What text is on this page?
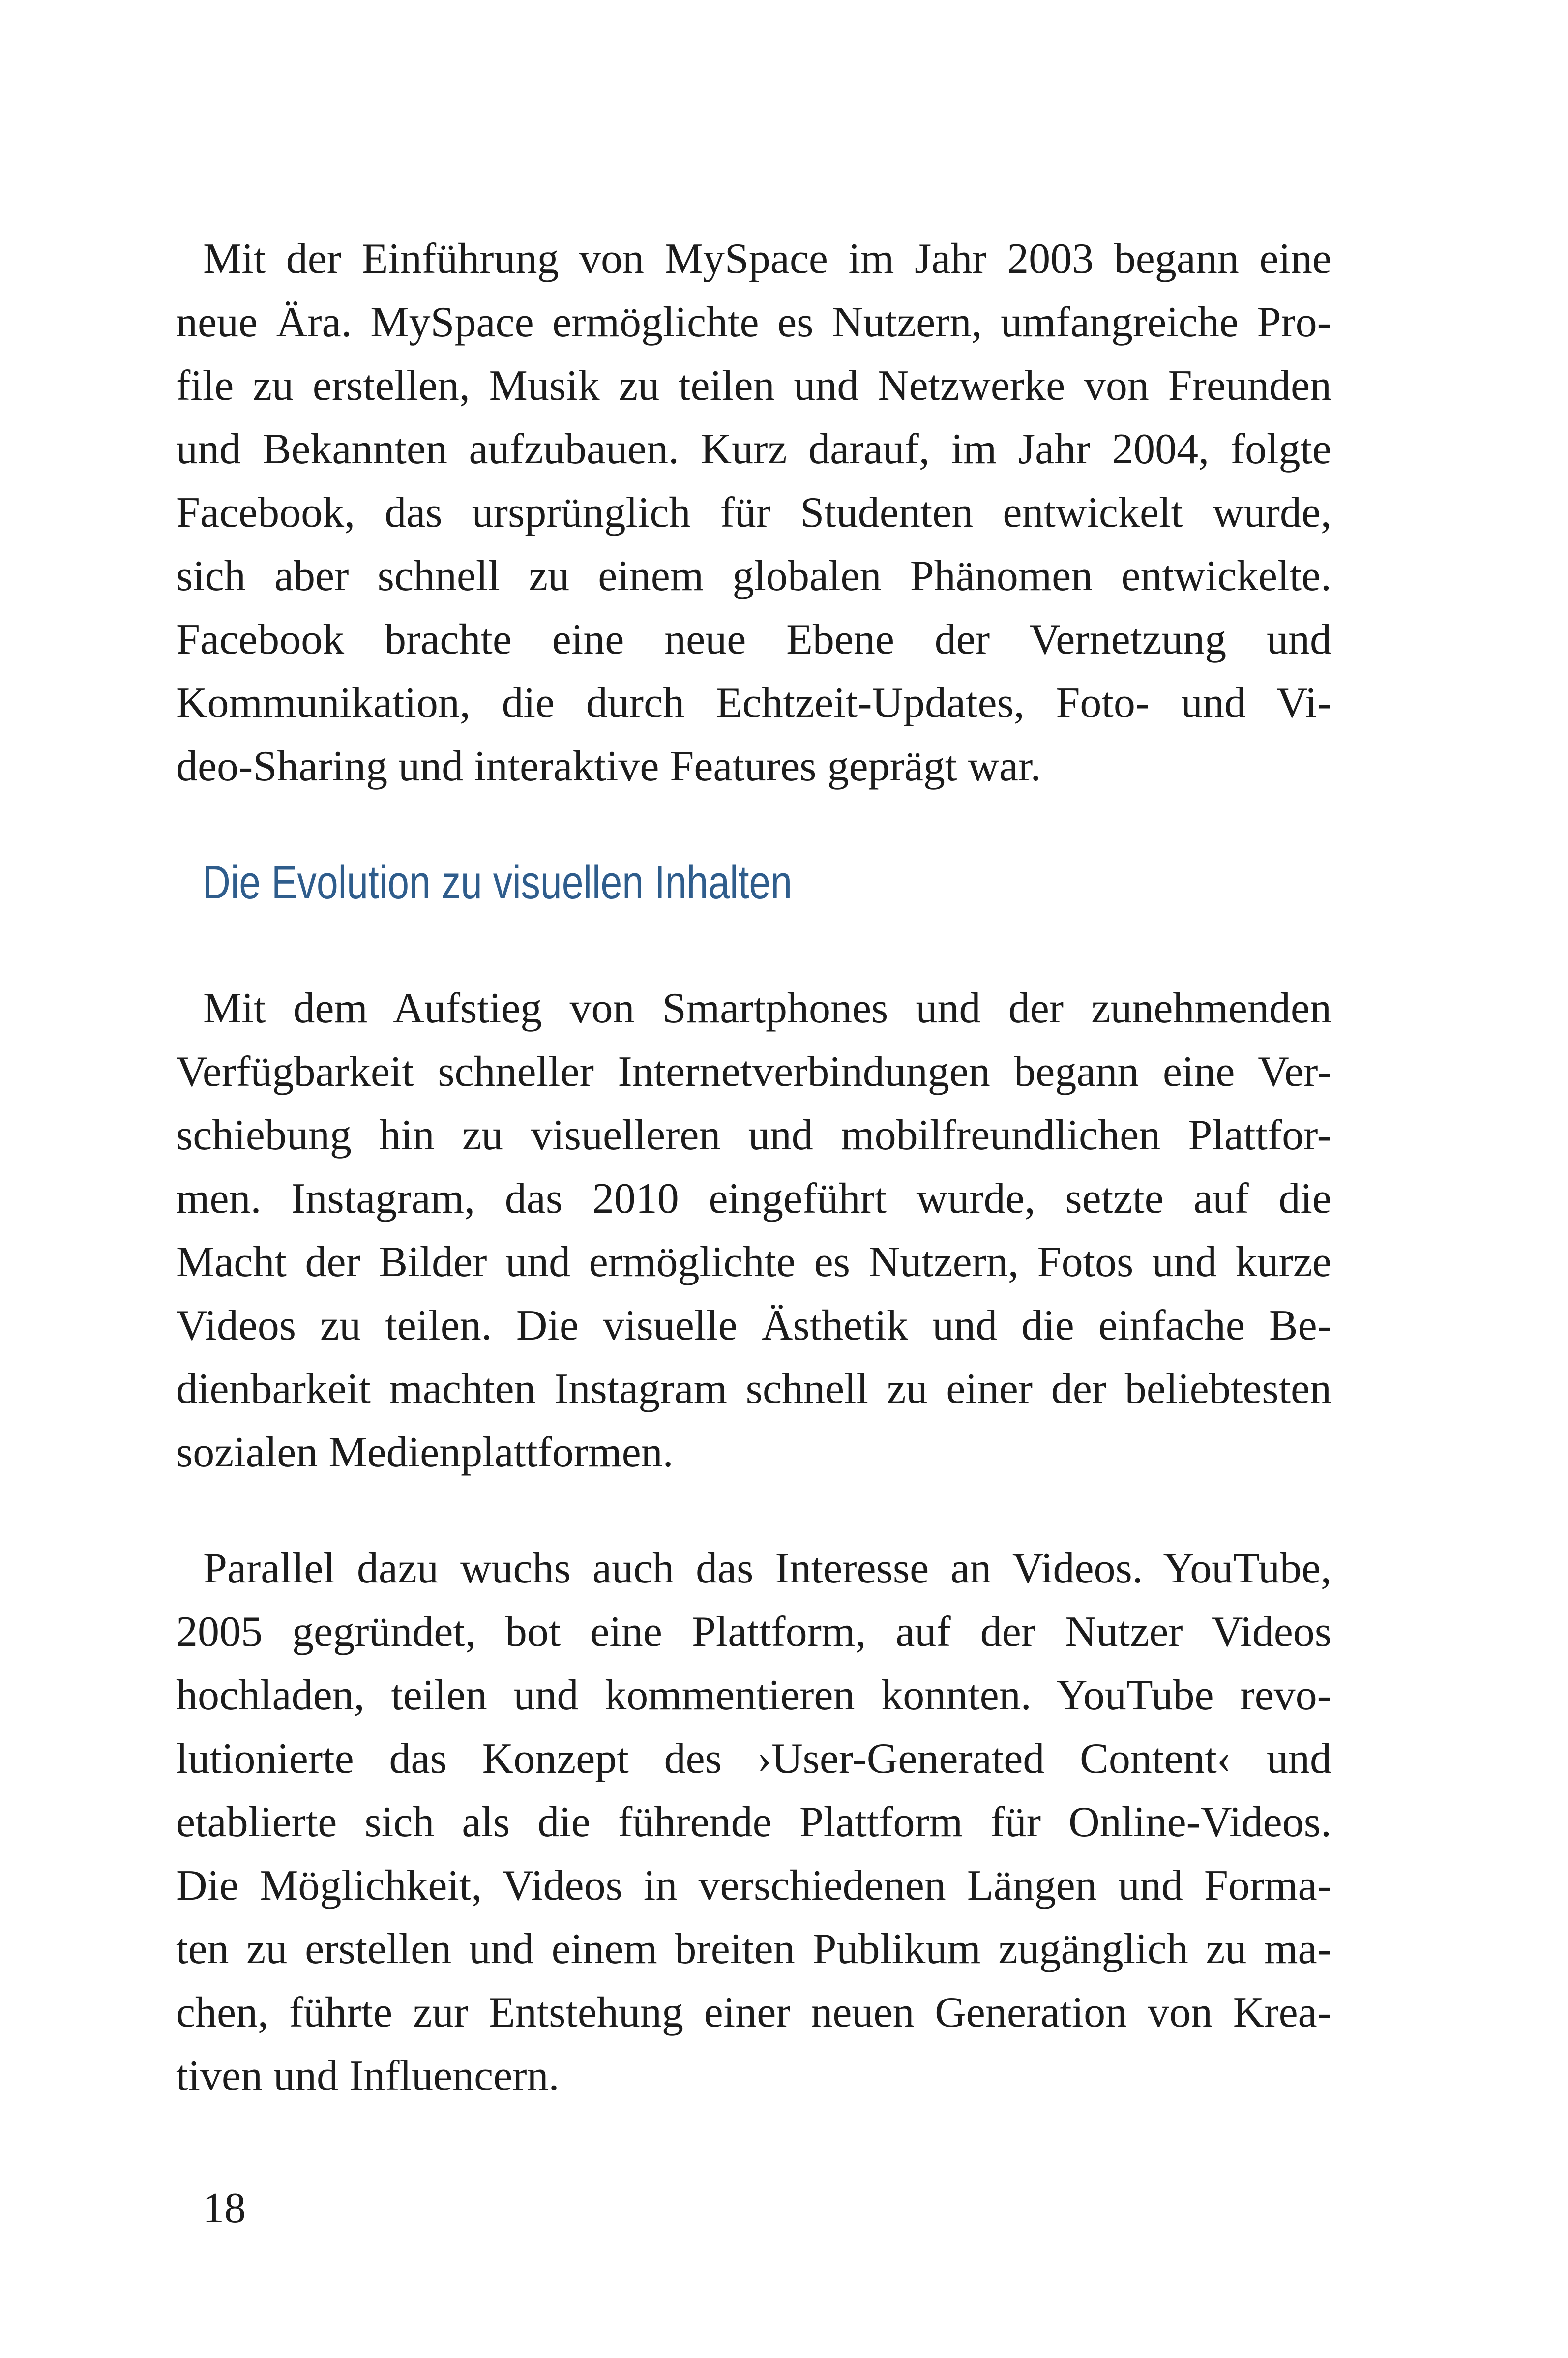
Mit der Einführung von MySpace im Jahr 2003 begann eine
neue Ära. MySpace ermöglichte es Nutzern, umfangreiche Pro-
file zu erstellen, Musik zu teilen und Netzwerke von Freunden
und Bekannten aufzubauen. Kurz darauf, im Jahr 2004, folgte
Facebook, das ursprünglich für Studenten entwickelt wurde,
sich aber schnell zu einem globalen Phänomen entwickelte.
Facebook brachte eine neue Ebene der Vernetzung und
Kommunikation, die durch Echtzeit-Updates, Foto- und Vi-
deo-Sharing und interaktive Features geprägt war.
Die Evolution zu visuellen Inhalten
Mit dem Aufstieg von Smartphones und der zunehmenden
Verfügbarkeit schneller Internetverbindungen begann eine Ver-
schiebung hin zu visuelleren und mobilfreundlichen Plattfor-
men. Instagram, das 2010 eingeführt wurde, setzte auf die
Macht der Bilder und ermöglichte es Nutzern, Fotos und kurze
Videos zu teilen. Die visuelle Ästhetik und die einfache Be-
dienbarkeit machten Instagram schnell zu einer der beliebtesten
sozialen Medienplattformen.
Parallel dazu wuchs auch das Interesse an Videos. YouTube,
2005 gegründet, bot eine Plattform, auf der Nutzer Videos
hochladen, teilen und kommentieren konnten. YouTube revo-
lutionierte das Konzept des ›User-Generated Content‹ und
etablierte sich als die führende Plattform für Online-Videos.
Die Möglichkeit, Videos in verschiedenen Längen und Forma-
ten zu erstellen und einem breiten Publikum zugänglich zu ma-
chen, führte zur Entstehung einer neuen Generation von Krea-
tiven und Influencern.
18
